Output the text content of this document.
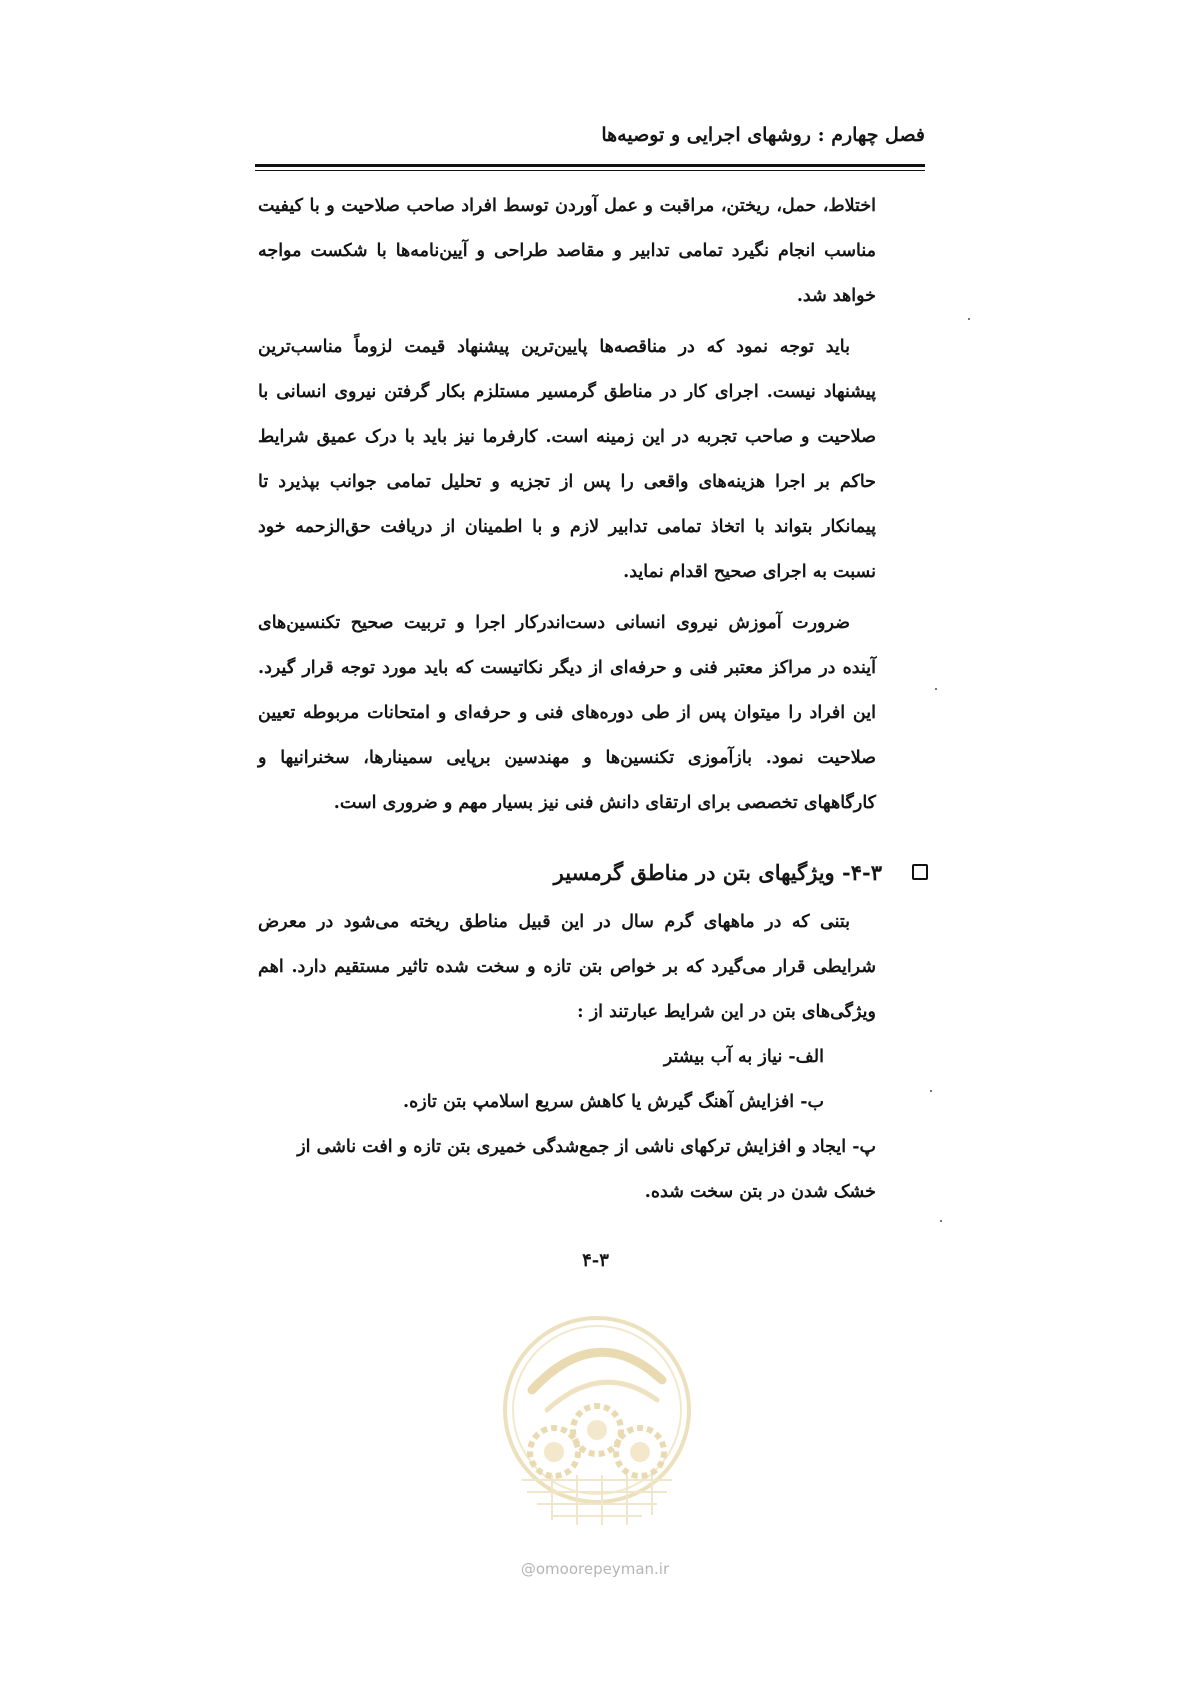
فصل چهارم : روشهای اجرایی و توصیه‌ها

اختلاط، حمل، ریختن، مراقبت و عمل آوردن توسط افراد صاحب صلاحیت و با کیفیت مناسب انجام نگیرد تمامی تدابیر و مقاصد طراحی و آیین‌نامه‌ها با شکست مواجه خواهد شد.

باید توجه نمود که در مناقصه‌ها پایین‌ترین پیشنهاد قیمت لزوماً مناسب‌ترین پیشنهاد نیست. اجرای کار در مناطق گرمسیر مستلزم بکار گرفتن نیروی انسانی با صلاحیت و صاحب تجربه در این زمینه است. کارفرما نیز باید با درک عمیق شرایط حاکم بر اجرا هزینه‌های واقعی را پس از تجزیه و تحلیل تمامی جوانب بپذیرد تا پیمانکار بتواند با اتخاذ تمامی تدابیر لازم و با اطمینان از دریافت حق‌الزحمه خود نسبت به اجرای صحیح اقدام نماید.

ضرورت آموزش نیروی انسانی دست‌اندرکار اجرا و تربیت صحیح تکنسین‌های آینده در مراکز معتبر فنی و حرفه‌ای از دیگر نکاتیست که باید مورد توجه قرار گیرد. این افراد را میتوان پس از طی دوره‌های فنی و حرفه‌ای و امتحانات مربوطه تعیین صلاحیت نمود. بازآموزی تکنسین‌ها و مهندسین برپایی سمینارها، سخنرانیها و کارگاههای تخصصی برای ارتقای دانش فنی نیز بسیار مهم و ضروری است.

۴-۳- ویژگیهای بتن در مناطق گرمسیر

بتنی که در ماههای گرم سال در این قبیل مناطق ریخته می‌شود در معرض شرایطی قرار می‌گیرد که بر خواص بتن تازه و سخت شده تاثیر مستقیم دارد. اهم ویژگی‌های بتن در این شرایط عبارتند از :

الف- نیاز به آب بیشتر

ب- افزایش آهنگ گیرش یا کاهش سریع اسلامپ بتن تازه.

پ- ایجاد و افزایش ترکهای ناشی از جمع‌شدگی خمیری بتن تازه و افت ناشی از خشک شدن در بتن سخت شده.

۴-۳
@omoorepeyman.ir
